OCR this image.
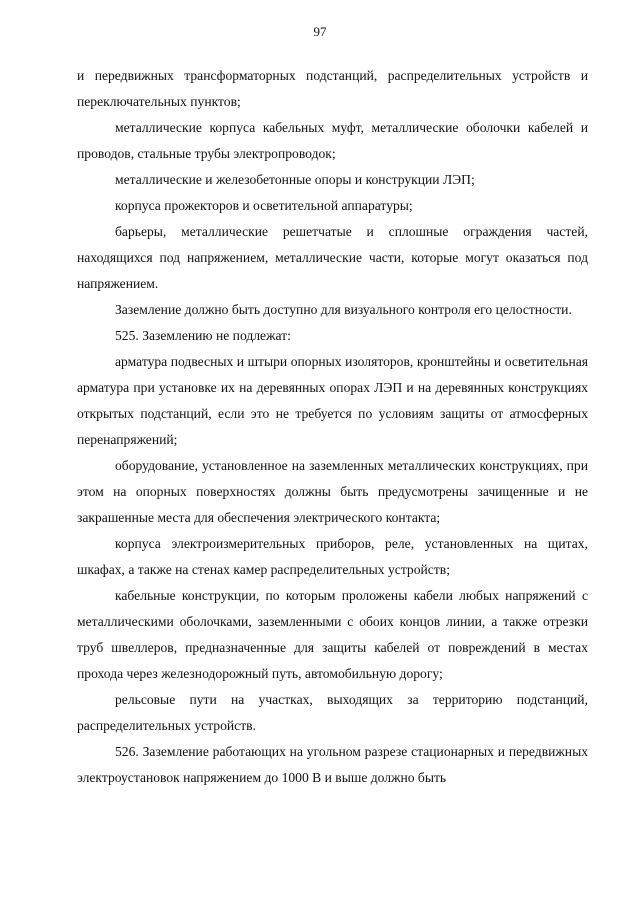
97

и передвижных трансформаторных подстанций, распределительных устройств и переключательных пунктов;

металлические корпуса кабельных муфт, металлические оболочки кабелей и проводов, стальные трубы электропроводок;

металлические и железобетонные опоры и конструкции ЛЭП;

корпуса прожекторов и осветительной аппаратуры;

барьеры, металлические решетчатые и сплошные ограждения частей, находящихся под напряжением, металлические части, которые могут оказаться под напряжением.

Заземление должно быть доступно для визуального контроля его целостности.

525. Заземлению не подлежат:

арматура подвесных и штыри опорных изоляторов, кронштейны и осветительная арматура при установке их на деревянных опорах ЛЭП и на деревянных конструкциях открытых подстанций, если это не требуется по условиям защиты от атмосферных перенапряжений;

оборудование, установленное на заземленных металлических конструкциях, при этом на опорных поверхностях должны быть предусмотрены зачищенные и не закрашенные места для обеспечения электрического контакта;

корпуса электроизмерительных приборов, реле, установленных на щитах, шкафах, а также на стенах камер распределительных устройств;

кабельные конструкции, по которым проложены кабели любых напряжений с металлическими оболочками, заземленными с обоих концов линии, а также отрезки труб швеллеров, предназначенные для защиты кабелей от повреждений в местах прохода через железнодорожный путь, автомобильную дорогу;

рельсовые пути на участках, выходящих за территорию подстанций, распределительных устройств.

526. Заземление работающих на угольном разрезе стационарных и передвижных электроустановок напряжением до 1000 В и выше должно быть
